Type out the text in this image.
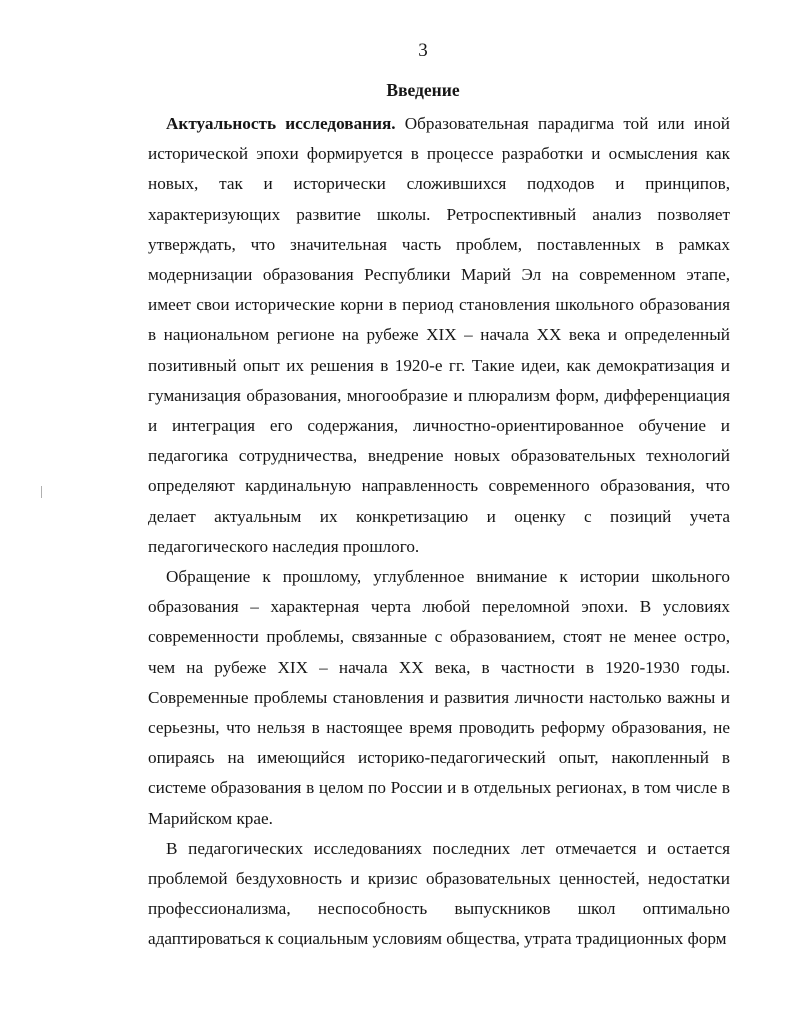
3
Введение

Актуальность исследования. Образовательная парадигма той или иной исторической эпохи формируется в процессе разработки и осмысления как новых, так и исторически сложившихся подходов и принципов, характеризующих развитие школы. Ретроспективный анализ позволяет утверждать, что значительная часть проблем, поставленных в рамках модернизации образования Республики Марий Эл на современном этапе, имеет свои исторические корни в период становления школьного образования в национальном регионе на рубеже XIX – начала XX века и определенный позитивный опыт их решения в 1920-е гг. Такие идеи, как демократизация и гуманизация образования, многообразие и плюрализм форм, дифференциация и интеграция его содержания, личностно-ориентированное обучение и педагогика сотрудничества, внедрение новых образовательных технологий определяют кардинальную направленность современного образования, что делает актуальным их конкретизацию и оценку с позиций учета педагогического наследия прошлого.

Обращение к прошлому, углубленное внимание к истории школьного образования – характерная черта любой переломной эпохи. В условиях современности проблемы, связанные с образованием, стоят не менее остро, чем на рубеже XIX – начала XX века, в частности в 1920-1930 годы. Современные проблемы становления и развития личности настолько важны и серьезны, что нельзя в настоящее время проводить реформу образования, не опираясь на имеющийся историко-педагогический опыт, накопленный в системе образования в целом по России и в отдельных регионах, в том числе в Марийском крае.

В педагогических исследованиях последних лет отмечается и остается проблемой бездуховность и кризис образовательных ценностей, недостатки профессионализма, неспособность выпускников школ оптимально адаптироваться к социальным условиям общества, утрата традиционных форм
